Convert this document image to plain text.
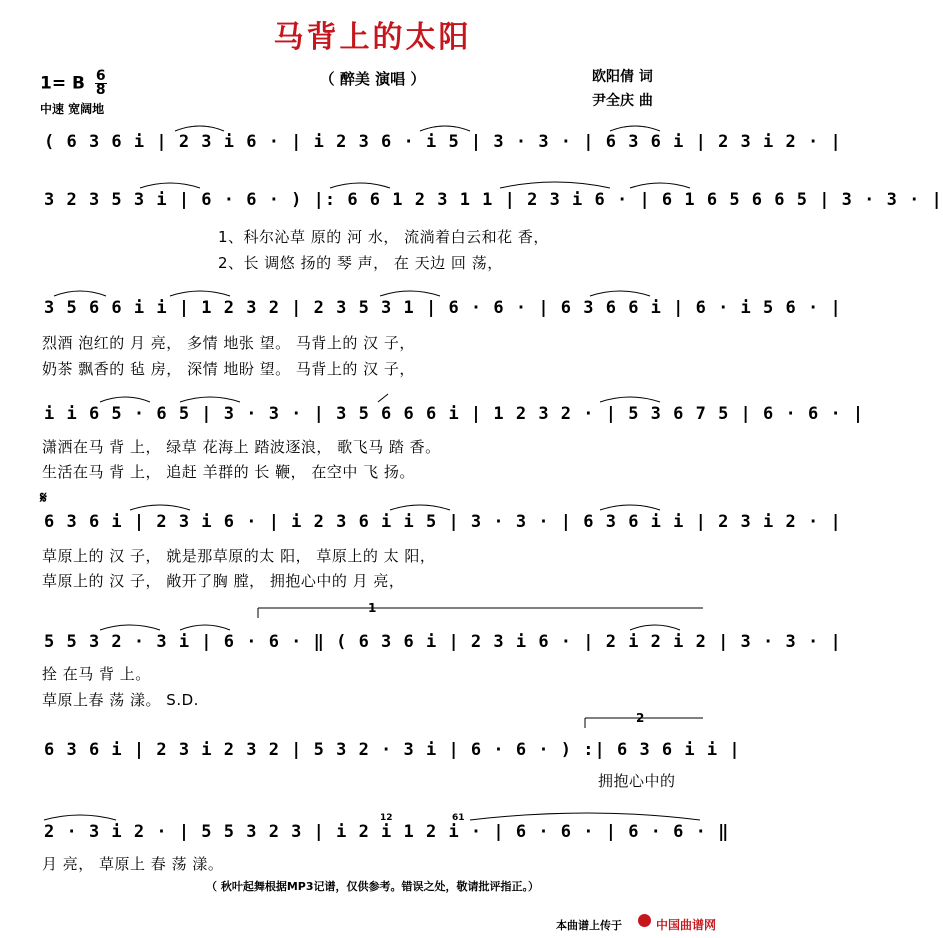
马背上的太阳
（ 醉美 演唱 ）	欧阳倩 词
尹全庆 曲
1= B $\frac{6}{8}$
中速 宽阔地
( 6 3 6 i | 2 3 i 6 · | i 2 3 6 · i 5 | 3 · 3 · | 6 3 6 i | 2 3 i 2 · |
3 2 3 5 3 i | 6 · 6 · ) |: 6 6 1 2 3 1 1 | 2 3 i 6 · | 6 1 6 5 6 6 5 | 3 · 3 · |
1、科尔沁草 原的 河 水， 流淌着白云和花 香，
2、长 调悠 扬的 琴 声， 在 天边 回 荡，
3 5 6 6 i i | 1 2 3 2 | 2 3 5 3 1 | 6 · 6 · | 6 3 6 6 i | 6 · i 5 6 · |
烈酒 泡红的 月 亮， 多情 地张 望。 马背上的 汉 子，
奶茶 飘香的 毡 房， 深情 地盼 望。 马背上的 汉 子，
i i 6 5 · 6 5 | 3 · 3 · | 3 5 6 6 6 i | 1 2 3 2 · | 5 3 6 7 5 | 6 · 6 · |
潇洒在马 背 上， 绿草 花海上 踏波逐浪， 歌飞马 踏 香。
生活在马 背 上， 追赶 羊群的 长 鞭， 在空中 飞 扬。
𝄋
6 3 6 i | 2 3 i 6 · | i 2 3 6 i i 5 | 3 · 3 · | 6 3 6 i i | 2 3 i 2 · |
草原上的 汉 子， 就是那草原的太 阳， 草原上的 太 阳，
草原上的 汉 子， 敞开了胸 膛， 拥抱心中的 月 亮，
1
5 5 3 2 · 3 i | 6 · 6 · ‖ ( 6 3 6 i | 2 3 i 6 · | 2 i 2 i 2 | 3 · 3 · |
拴 在马 背 上。
草原上春 荡 漾。 S.D.
2
6 3 6 i | 2 3 i 2 3 2 | 5 3 2 · 3 i | 6 · 6 · ) :| 6 3 6 i i |
拥抱心中的
12	61
2 · 3 i 2 · | 5 5 3 2 3 | i 2 i 1 2 i · | 6 · 6 · | 6 · 6 · ‖
月 亮， 草原上 春 荡 漾。
（ 秋叶起舞根据MP3记谱，仅供参考。错误之处，敬请批评指正。）
本曲谱上传于	中国曲谱网
